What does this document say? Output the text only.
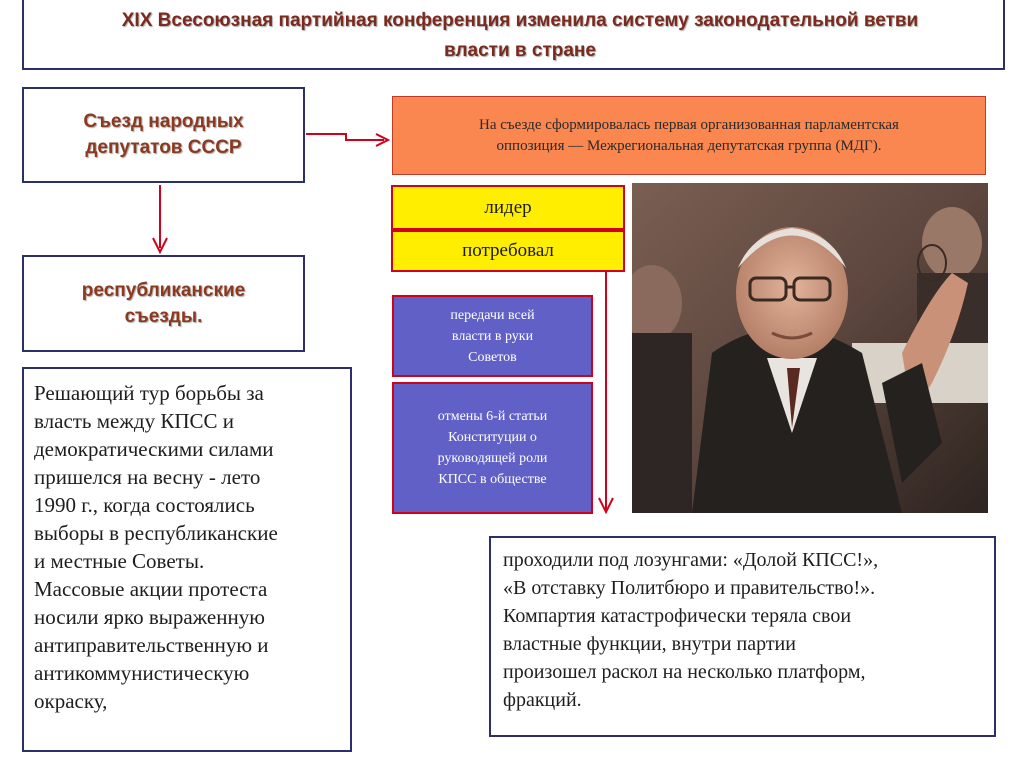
XIX Всесоюзная партийная конференция изменила систему законодательной ветви
власти в стране
Съезд народных
депутатов СССР
республиканские
съезды.
На съезде сформировалась первая организованная парламентская
оппозиция — Межрегиональная депутатская группа (МДГ).
лидер
потребовал
передачи всей
власти в руки
Советов
отмены 6-й статьи
Конституции о
руководящей роли
КПСС в обществе
Решающий тур борьбы за
власть между КПСС и
демократическими силами
пришелся на весну - лето
1990 г., когда состоялись
выборы в республиканские
и местные Советы.
Массовые акции протеста
носили ярко выраженную
антиправительственную и
антикоммунистическую
окраску,
проходили под лозунгами: «Долой КПСС!»,
«В отставку Политбюро и правительство!».
Компартия катастрофически теряла свои
властные функции, внутри партии
произошел раскол на несколько платформ,
фракций.
